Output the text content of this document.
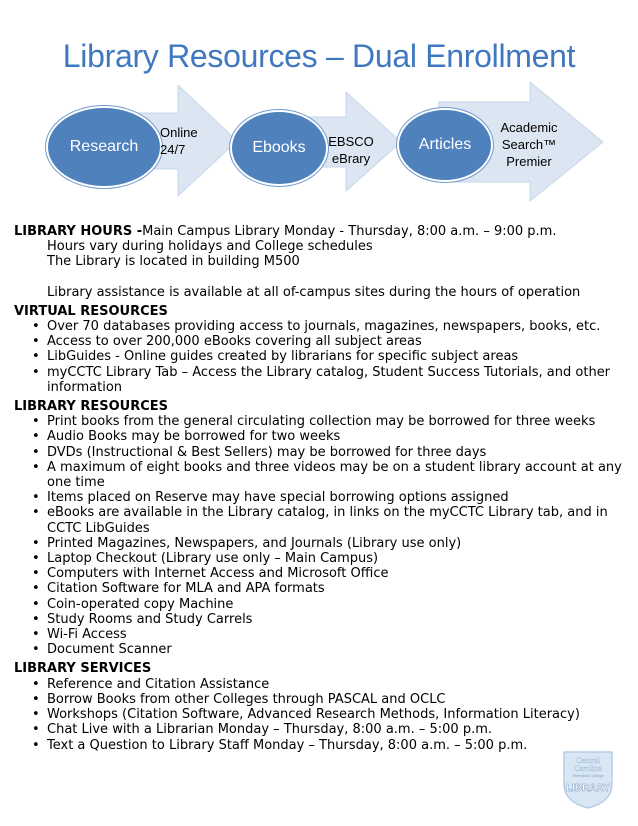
Library Resources – Dual Enrollment
Research	Ebooks	Articles
Online
24/7
EBSCO
eBrary
Academic
Search™
Premier
LIBRARY HOURS -Main Campus Library Monday - Thursday, 8:00 a.m. – 9:00 p.m.
Hours vary during holidays and College schedules
The Library is located in building M500
Library assistance is available at all of-campus sites during the hours of operation
VIRTUAL RESOURCES
• Over 70 databases providing access to journals, magazines, newspapers, books, etc.
• Access to over 200,000 eBooks covering all subject areas
• LibGuides - Online guides created by librarians for specific subject areas
• myCCTC Library Tab – Access the Library catalog, Student Success Tutorials, and other information
LIBRARY RESOURCES
• Print books from the general circulating collection may be borrowed for three weeks
• Audio Books may be borrowed for two weeks
• DVDs (Instructional & Best Sellers) may be borrowed for three days
• A maximum of eight books and three videos may be on a student library account at any one time
• Items placed on Reserve may have special borrowing options assigned
• eBooks are available in the Library catalog, in links on the myCCTC Library tab, and in CCTC LibGuides
• Printed Magazines, Newspapers, and Journals (Library use only)
• Laptop Checkout (Library use only – Main Campus)
• Computers with Internet Access and Microsoft Office
• Citation Software for MLA and APA formats
• Coin-operated copy Machine
• Study Rooms and Study Carrels
• Wi-Fi Access
• Document Scanner
LIBRARY SERVICES
• Reference and Citation Assistance
• Borrow Books from other Colleges through PASCAL and OCLC
• Workshops (Citation Software, Advanced Research Methods, Information Literacy)
• Chat Live with a Librarian Monday – Thursday, 8:00 a.m. – 5:00 p.m.
• Text a Question to Library Staff Monday – Thursday, 8:00 a.m. – 5:00 p.m.
Central
Carolina
Technical College
LIBRARY
